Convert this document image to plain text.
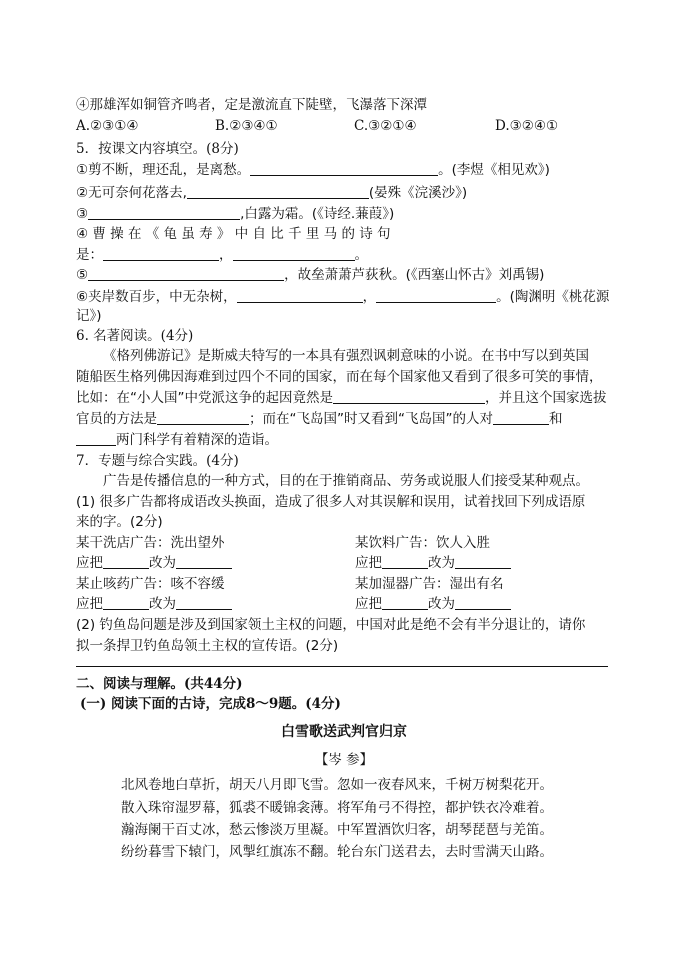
④那雄浑如铜管齐鸣者，定是激流直下陡壁，飞瀑落下深潭
A.②③①④	B.②③④①	C.③②①④	D.③②④①
5．按课文内容填空。(8分)
①剪不断，理还乱，是离愁。	。(李煜《相见欢》)
②无可奈何花落去,	(晏殊《浣溪沙》)
③	,白露为霜。(《诗经.蒹葭》)
④ 曹 操 在 《 龟 虽 寿 》 中 自 比 千 里 马 的 诗 句
是：	，	。
⑤	，故垒萧萧芦荻秋。(《西塞山怀古》刘禹锡)
⑥夹岸数百步，中无杂树，	，	。(陶渊明《桃花源
记》)
6. 名著阅读。(4分)
《格列佛游记》是斯威夫特写的一本具有强烈讽刺意味的小说。在书中写以到英国
随船医生格列佛因海难到过四个不同的国家，而在每个国家他又看到了很多可笑的事情，
比如：在“小人国”中党派这争的起因竟然是	，并且这个国家选拔
官员的方法是	；而在“飞岛国”时又看到“飞岛国”的人对	和
两门科学有着精深的造诣。
7．专题与综合实践。(4分)
广告是传播信息的一种方式，目的在于推销商品、劳务或说服人们接受某种观点。
(1) 很多广告都将成语改头换面，造成了很多人对其误解和误用，试着找回下列成语原
来的字。(2分)
某干洗店广告：洗出望外	某饮料广告：饮人入胜
应把	改为	应把	改为
某止咳药广告：咳不容缓	某加湿器广告：湿出有名
应把	改为	应把	改为
(2) 钓鱼岛问题是涉及到国家领土主权的问题，中国对此是绝不会有半分退让的，请你
拟一条捍卫钓鱼岛领土主权的宣传语。(2分)
二、阅读与理解。(共44分)
(一) 阅读下面的古诗，完成8～9题。(4分)
白雪歌送武判官归京
【岑 参】
北风卷地白草折，胡天八月即飞雪。忽如一夜春风来，千树万树梨花开。
散入珠帘湿罗幕，狐裘不暖锦衾薄。将军角弓不得控，都护铁衣冷难着。
瀚海阑干百丈冰，愁云惨淡万里凝。中军置酒饮归客，胡琴琵琶与羌笛。
纷纷暮雪下辕门，风掣红旗冻不翻。轮台东门送君去，去时雪满天山路。
